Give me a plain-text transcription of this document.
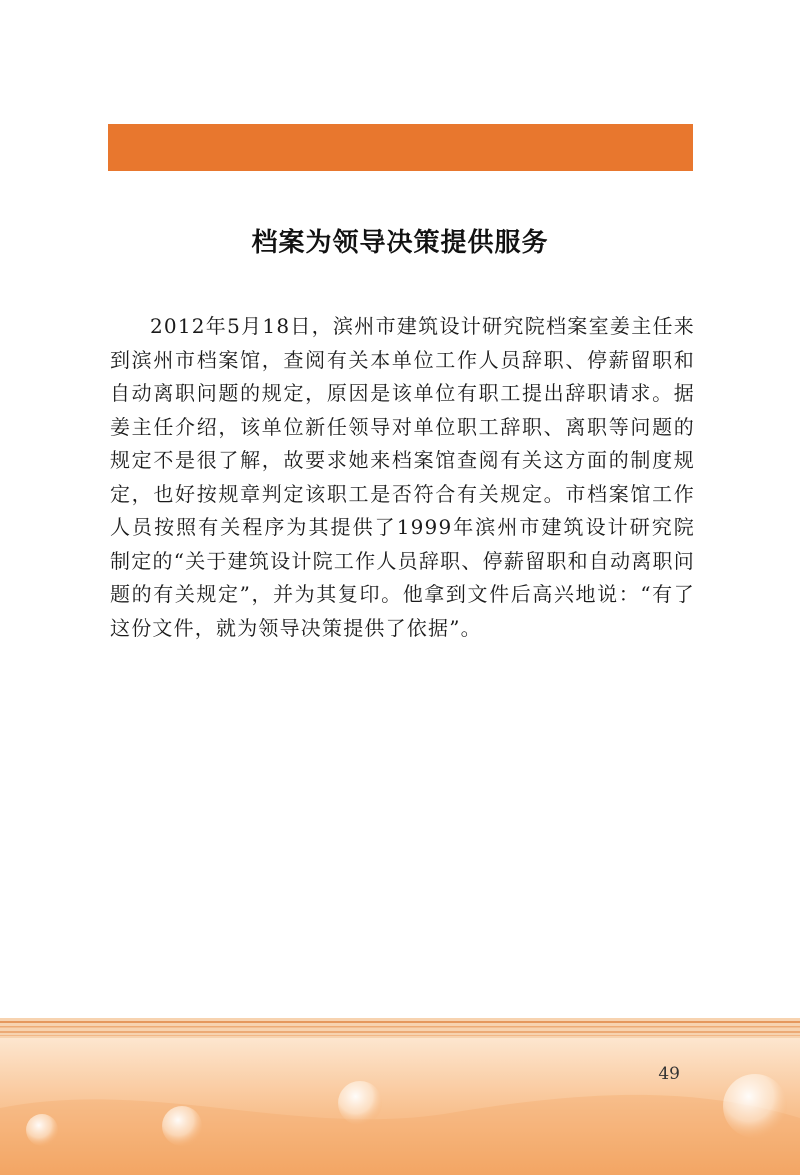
档案为领导决策提供服务

2012年5月18日，滨州市建筑设计研究院档案室姜主任来到滨州市档案馆，查阅有关本单位工作人员辞职、停薪留职和自动离职问题的规定，原因是该单位有职工提出辞职请求。据姜主任介绍，该单位新任领导对单位职工辞职、离职等问题的规定不是很了解，故要求她来档案馆查阅有关这方面的制度规定，也好按规章判定该职工是否符合有关规定。市档案馆工作人员按照有关程序为其提供了1999年滨州市建筑设计研究院制定的“关于建筑设计院工作人员辞职、停薪留职和自动离职问题的有关规定”，并为其复印。他拿到文件后高兴地说：“有了这份文件，就为领导决策提供了依据”。

49
